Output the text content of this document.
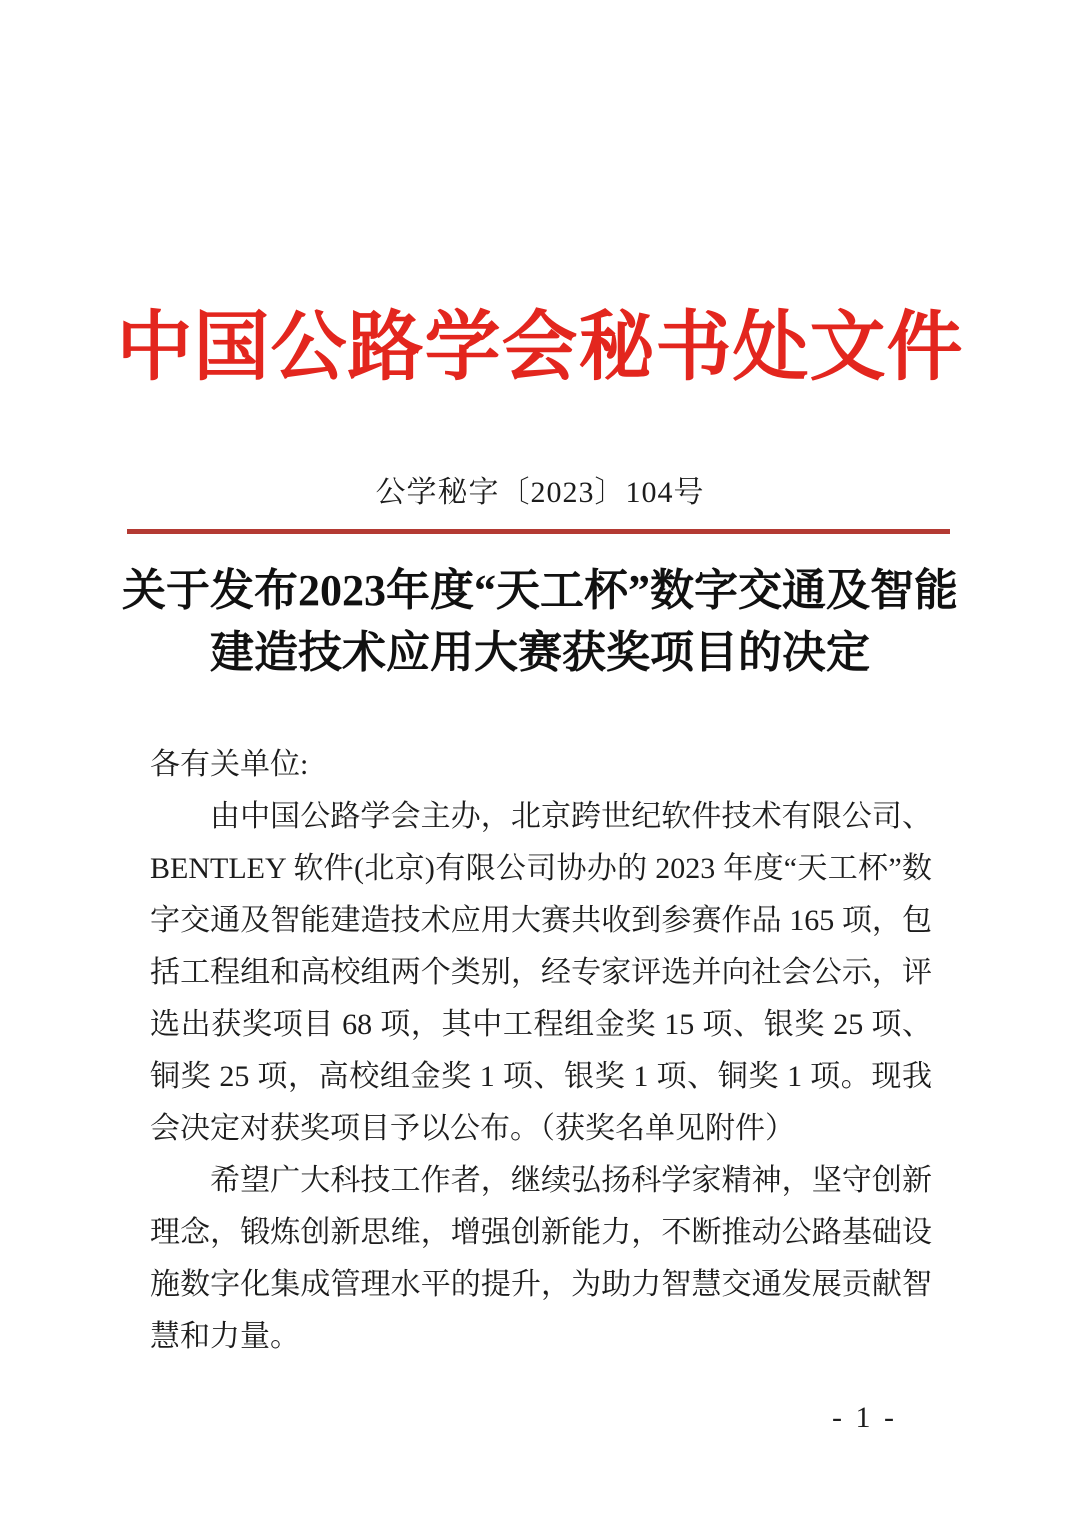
中国公路学会秘书处文件
公学秘字〔2023〕104号
关于发布2023年度“天工杯”数字交通及智能
建造技术应用大赛获奖项目的决定

各有关单位:

由中国公路学会主办，北京跨世纪软件技术有限公司、BENTLEY 软件(北京)有限公司协办的 2023 年度“天工杯”数字交通及智能建造技术应用大赛共收到参赛作品 165 项，包括工程组和高校组两个类别，经专家评选并向社会公示，评选出获奖项目 68 项，其中工程组金奖 15 项、银奖 25 项、铜奖 25 项，高校组金奖 1 项、银奖 1 项、铜奖 1 项。现我会决定对获奖项目予以公布。（获奖名单见附件）

希望广大科技工作者，继续弘扬科学家精神，坚守创新理念，锻炼创新思维，增强创新能力，不断推动公路基础设施数字化集成管理水平的提升，为助力智慧交通发展贡献智慧和力量。

- 1 -
